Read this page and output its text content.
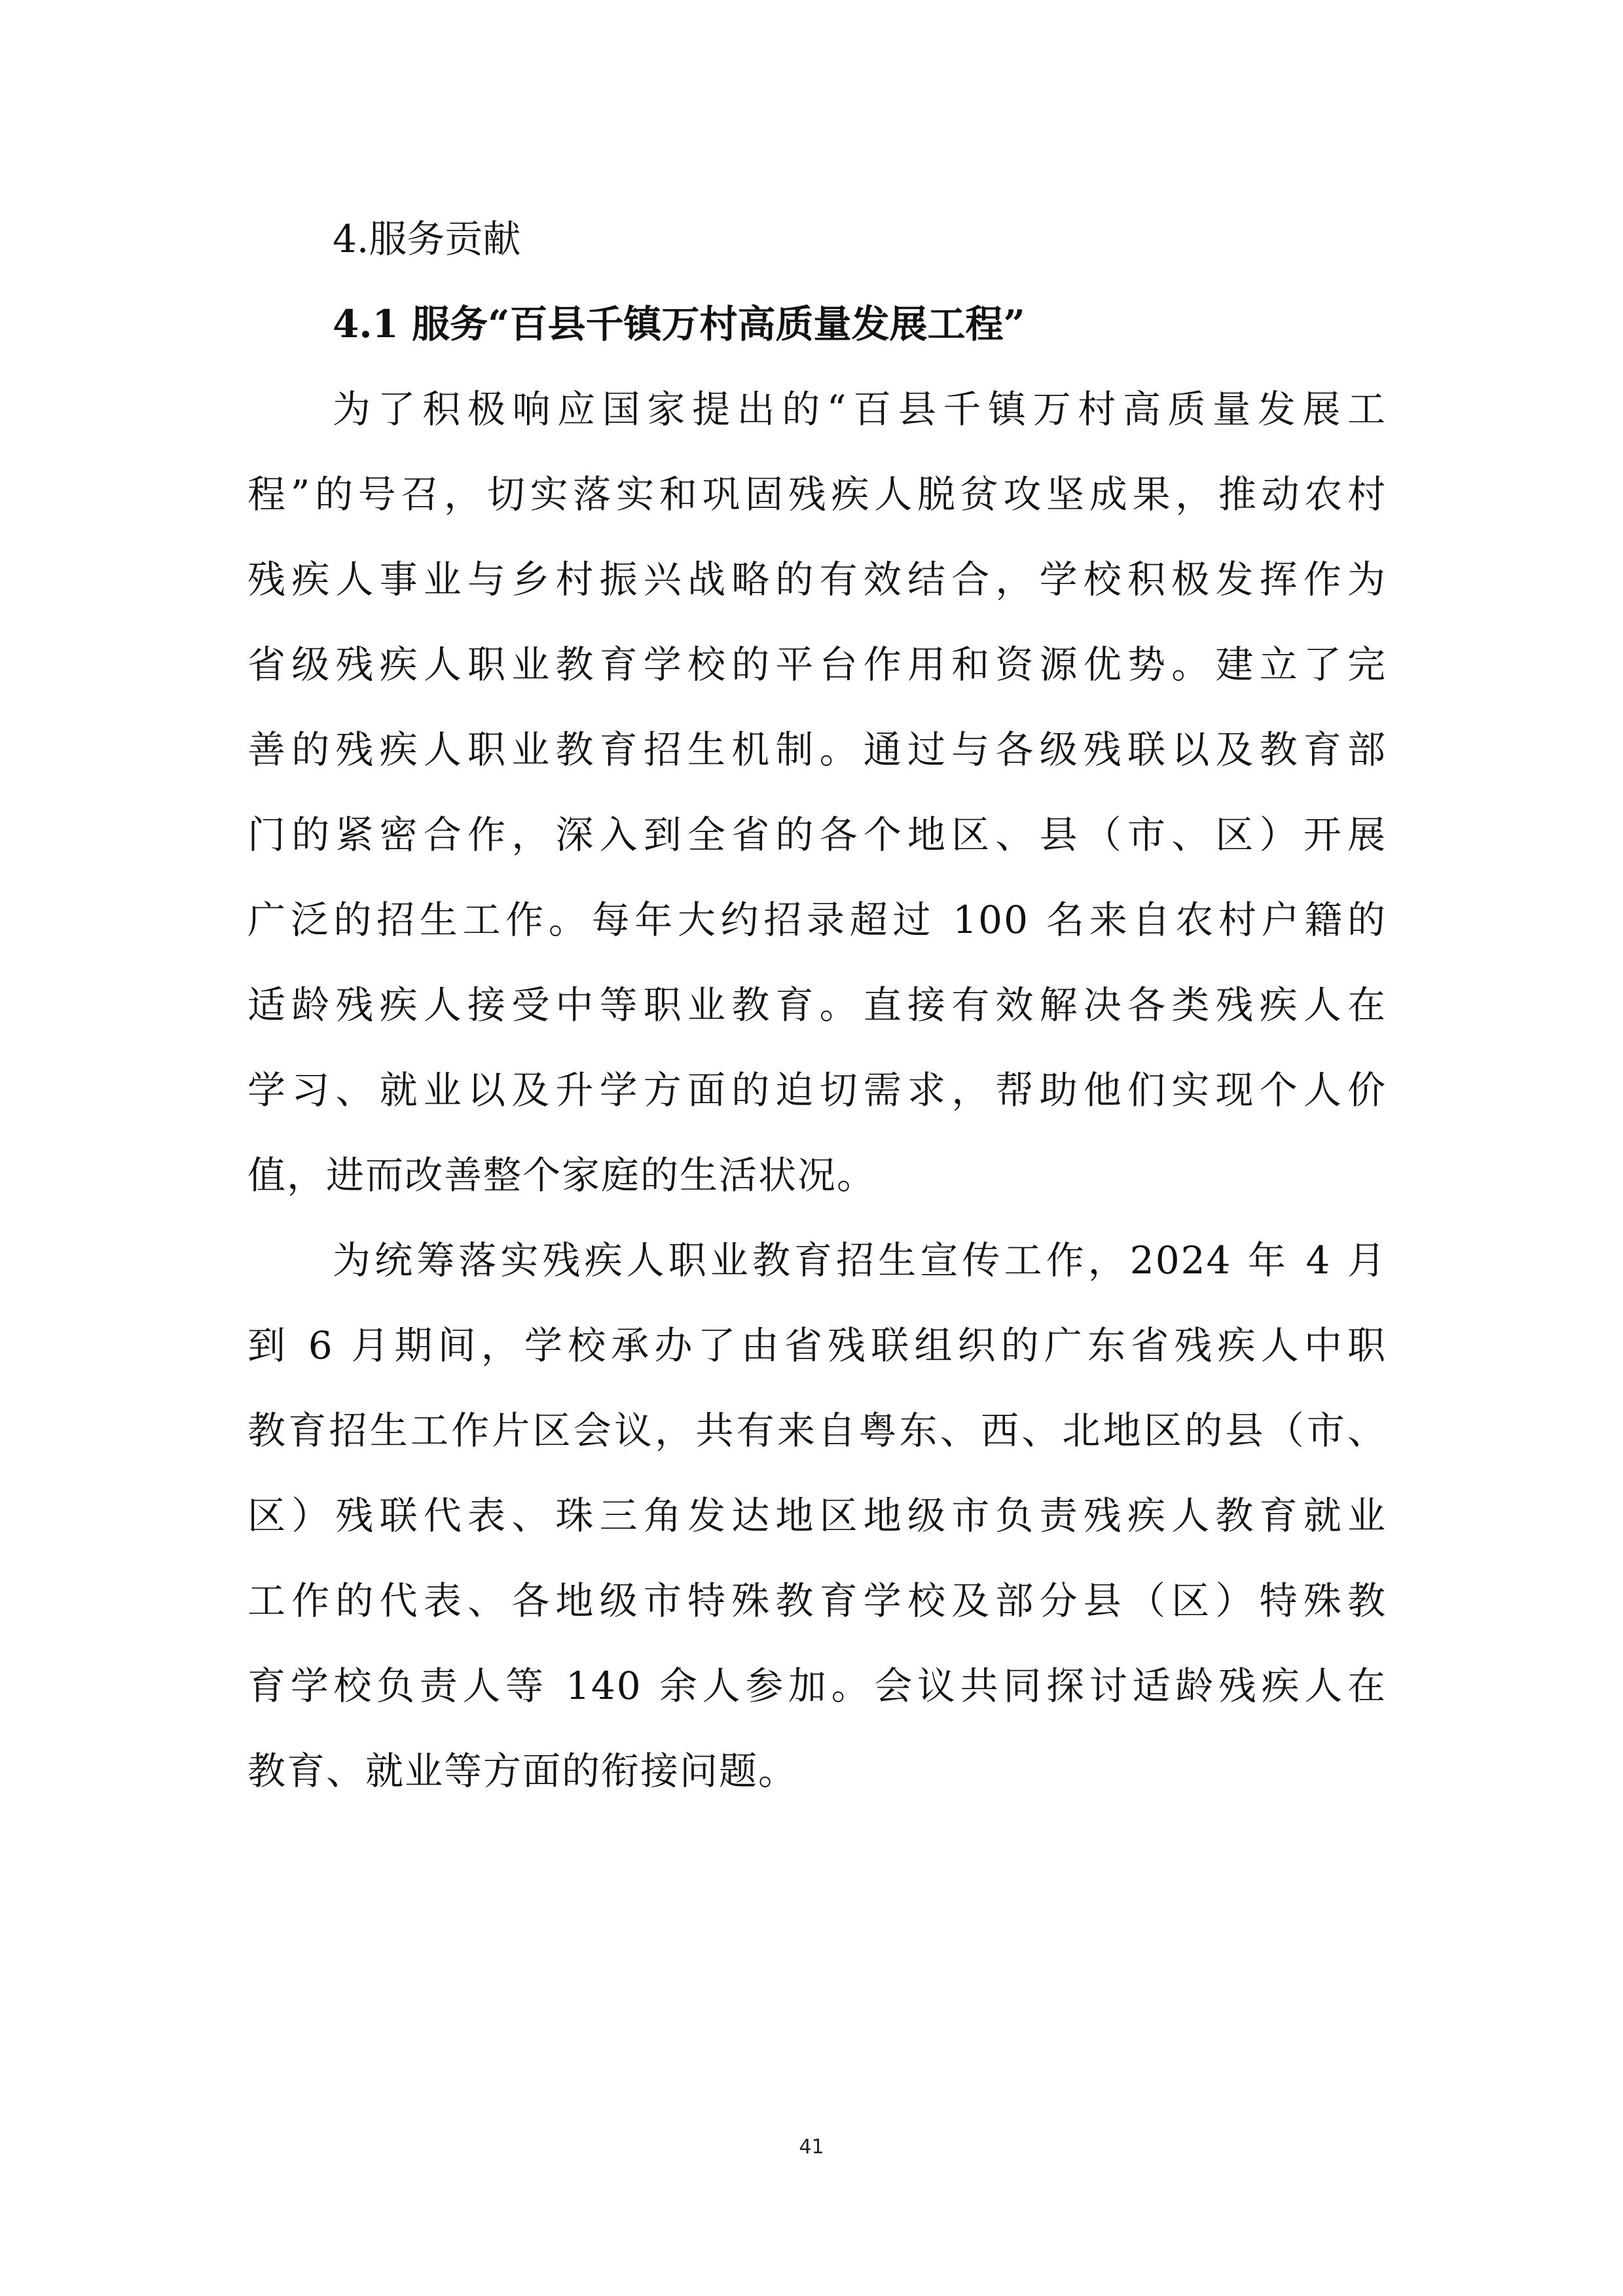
4.服务贡献
4.1 服务“百县千镇万村高质量发展工程”
为了积极响应国家提出的“百县千镇万村高质量发展工
程”的号召，切实落实和巩固残疾人脱贫攻坚成果，推动农村
残疾人事业与乡村振兴战略的有效结合，学校积极发挥作为
省级残疾人职业教育学校的平台作用和资源优势。建立了完
善的残疾人职业教育招生机制。通过与各级残联以及教育部
门的紧密合作，深入到全省的各个地区、县（市、区）开展
广泛的招生工作。每年大约招录超过 100 名来自农村户籍的
适龄残疾人接受中等职业教育。直接有效解决各类残疾人在
学习、就业以及升学方面的迫切需求，帮助他们实现个人价
值，进而改善整个家庭的生活状况。
为统筹落实残疾人职业教育招生宣传工作，2024 年 4 月
到 6 月期间，学校承办了由省残联组织的广东省残疾人中职
教育招生工作片区会议，共有来自粤东、西、北地区的县（市、
区）残联代表、珠三角发达地区地级市负责残疾人教育就业
工作的代表、各地级市特殊教育学校及部分县（区）特殊教
育学校负责人等 140 余人参加。会议共同探讨适龄残疾人在
教育、就业等方面的衔接问题。
41
